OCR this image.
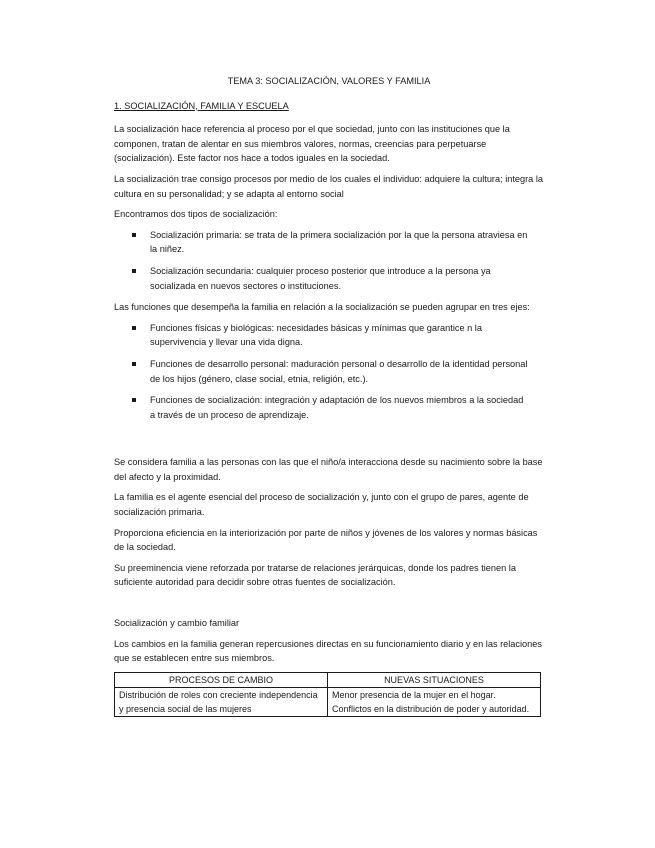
TEMA 3: SOCIALIZACIÓN, VALORES Y FAMILIA
1. SOCIALIZACIÓN, FAMILIA Y ESCUELA

La socialización hace referencia al proceso por el que sociedad, junto con las instituciones que la componen, tratan de alentar en sus miembros valores, normas, creencias para perpetuarse (socialización). Este factor nos hace a todos iguales en la sociedad.

La socialización trae consigo procesos por medio de los cuales el individuo: adquiere la cultura; integra la cultura en su personalidad; y se adapta al entorno social

Encontramos dos tipos de socialización:

Socialización primaria: se trata de la primera socialización por la que la persona atraviesa en la niñez.
Socialización secundaria: cualquier proceso posterior que introduce a la persona ya socializada en nuevos sectores o instituciones.

Las funciones que desempeña la familia en relación a la socialización se pueden agrupar en tres ejes:

Funciones físicas y biológicas: necesidades básicas y mínimas que garantice n la supervivencia y llevar una vida digna.
Funciones de desarrollo personal: maduración personal o desarrollo de la identidad personal de los hijos (género, clase social, etnia, religión, etc.).
Funciones de socialización: integración y adaptación de los nuevos miembros a la sociedad a través de un proceso de aprendizaje.

Se considera familia a las personas con las que el niño/a interacciona desde su nacimiento sobre la base del afecto y la proximidad.

La familia es el agente esencial del proceso de socialización y, junto con el grupo de pares, agente de socialización primaria.

Proporciona eficiencia en la interiorización por parte de niños y jóvenes de los valores y normas básicas de la sociedad.

Su preeminencia viene reforzada por tratarse de relaciones jerárquicas, donde los padres tienen la suficiente autoridad para decidir sobre otras fuentes de socialización.

Socialización y cambio familiar

Los cambios en la familia generan repercusiones directas en su funcionamiento diario y en las relaciones que se establecen entre sus miembros.

PROCESOS DE CAMBIO	NUEVAS SITUACIONES
Distribución de roles con creciente independencia y presencia social de las mujeres	Menor presencia de la mujer en el hogar. Conflictos en la distribución de poder y autoridad.
